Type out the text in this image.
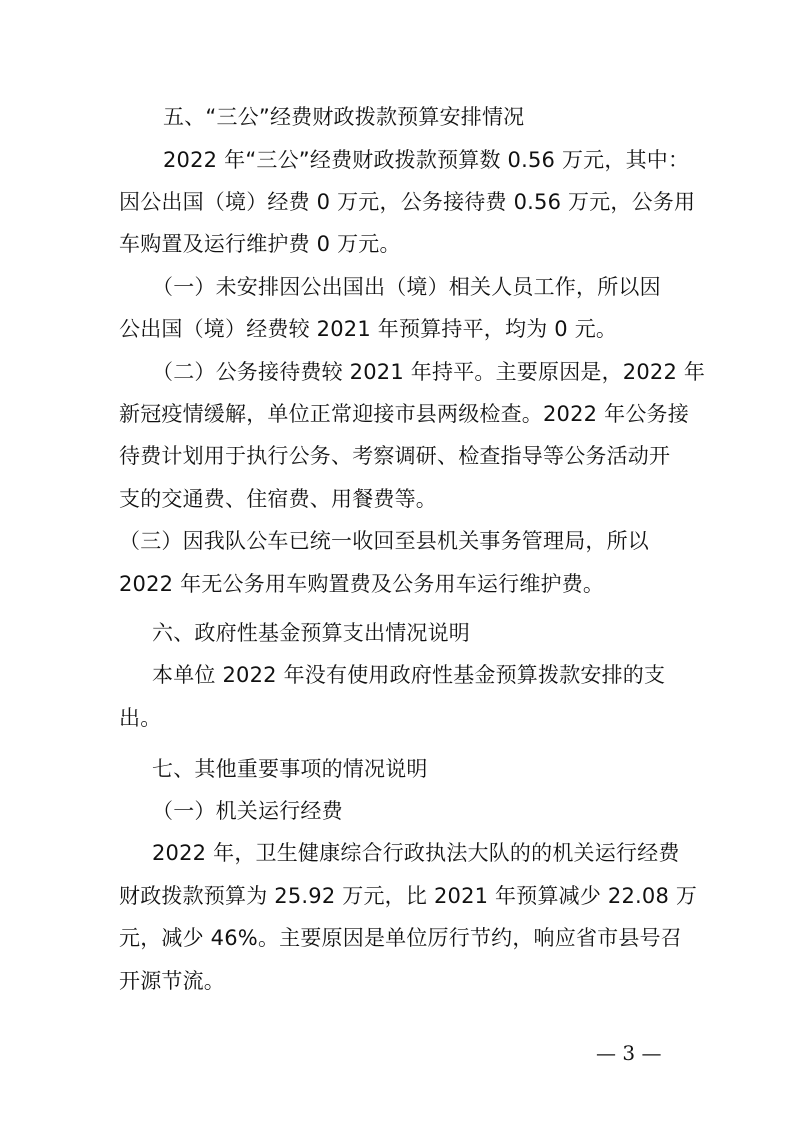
五、“三公”经费财政拨款预算安排情况
2022 年“三公”经费财政拨款预算数 0.56 万元，其中：
因公出国（境）经费 0 万元，公务接待费 0.56 万元，公务用
车购置及运行维护费 0 万元。
（一）未安排因公出国出（境）相关人员工作，所以因
公出国（境）经费较 2021 年预算持平，均为 0 元。
（二）公务接待费较 2021 年持平。主要原因是，2022 年
新冠疫情缓解，单位正常迎接市县两级检查。2022 年公务接
待费计划用于执行公务、考察调研、检查指导等公务活动开
支的交通费、住宿费、用餐费等。
（三）因我队公车已统一收回至县机关事务管理局，所以
2022 年无公务用车购置费及公务用车运行维护费。
六、政府性基金预算支出情况说明
本单位 2022 年没有使用政府性基金预算拨款安排的支
出。
七、其他重要事项的情况说明
（一）机关运行经费
2022 年，卫生健康综合行政执法大队的的机关运行经费
财政拨款预算为 25.92 万元，比 2021 年预算减少 22.08 万
元，减少 46%。主要原因是单位厉行节约，响应省市县号召
开源节流。
— 3 —
